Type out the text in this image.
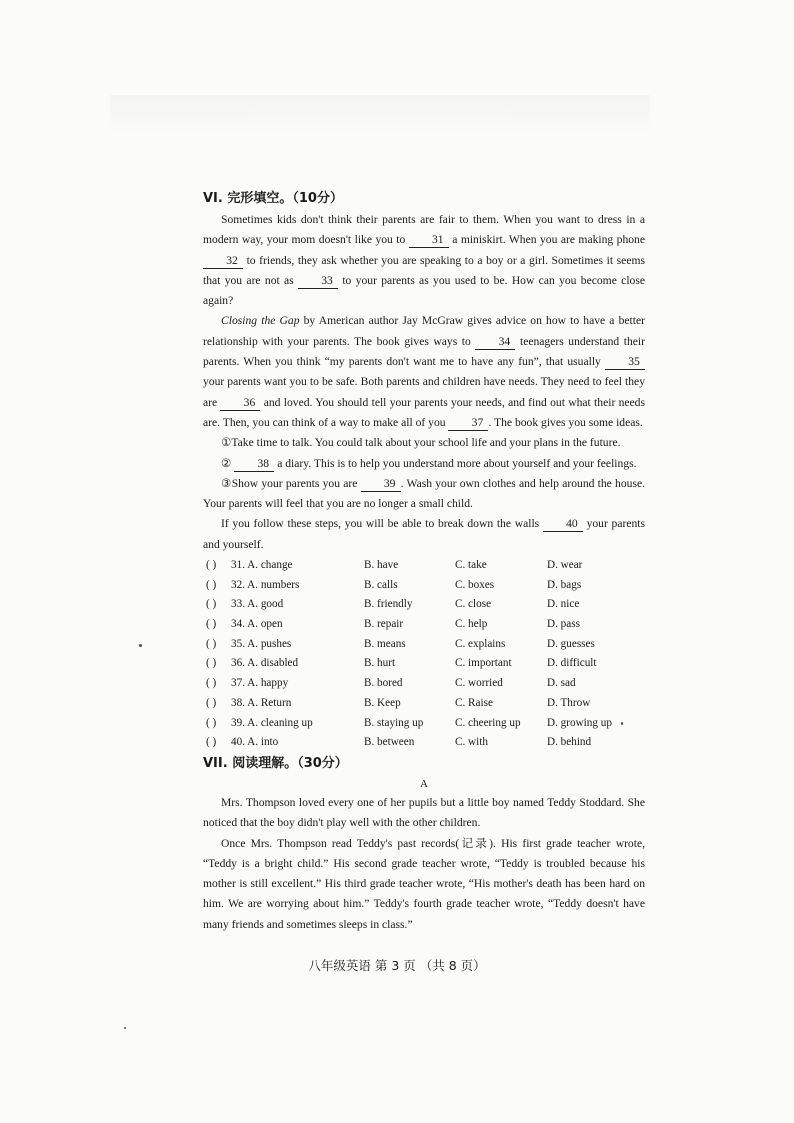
VI. 完形填空。（10分）
Sometimes kids don't think their parents are fair to them. When you want to dress in a modern way, your mom doesn't like you to 31 a miniskirt. When you are making phone 32 to friends, they ask whether you are speaking to a boy or a girl. Sometimes it seems that you are not as 33 to your parents as you used to be. How can you become close again?
Closing the Gap by American author Jay McGraw gives advice on how to have a better relationship with your parents. The book gives ways to 34 teenagers understand their parents. When you think “my parents don't want me to have any fun”, that usually 35 your parents want you to be safe. Both parents and children have needs. They need to feel they are 36 and loved. You should tell your parents your needs, and find out what their needs are. Then, you can think of a way to make all of you 37 . The book gives you some ideas.
①Take time to talk. You could talk about your school life and your plans in the future.
② 38 a diary. This is to help you understand more about yourself and your feelings.
③Show your parents you are 39 . Wash your own clothes and help around the house. Your parents will feel that you are no longer a small child.
If you follow these steps, you will be able to break down the walls 40 your parents and yourself.
( ) 31. A. change	B. have	C. take	D. wear
( ) 32. A. numbers	B. calls	C. boxes	D. bags
( ) 33. A. good	B. friendly	C. close	D. nice
( ) 34. A. open	B. repair	C. help	D. pass
( ) 35. A. pushes	B. means	C. explains	D. guesses
( ) 36. A. disabled	B. hurt	C. important	D. difficult
( ) 37. A. happy	B. bored	C. worried	D. sad
( ) 38. A. Return	B. Keep	C. Raise	D. Throw
( ) 39. A. cleaning up	B. staying up	C. cheering up D. growing up
( ) 40. A. into	B. between	C. with	D. behind
VII. 阅读理解。（30分）
A
Mrs. Thompson loved every one of her pupils but a little boy named Teddy Stoddard. She noticed that the boy didn't play well with the other children.
Once Mrs. Thompson read Teddy's past records(记录). His first grade teacher wrote, “Teddy is a bright child.” His second grade teacher wrote, “Teddy is troubled because his mother is still excellent.” His third grade teacher wrote, “His mother's death has been hard on him. We are worrying about him.” Teddy's fourth grade teacher wrote, “Teddy doesn't have many friends and sometimes sleeps in class.”
八年级英语 第 3 页 （共 8 页）
